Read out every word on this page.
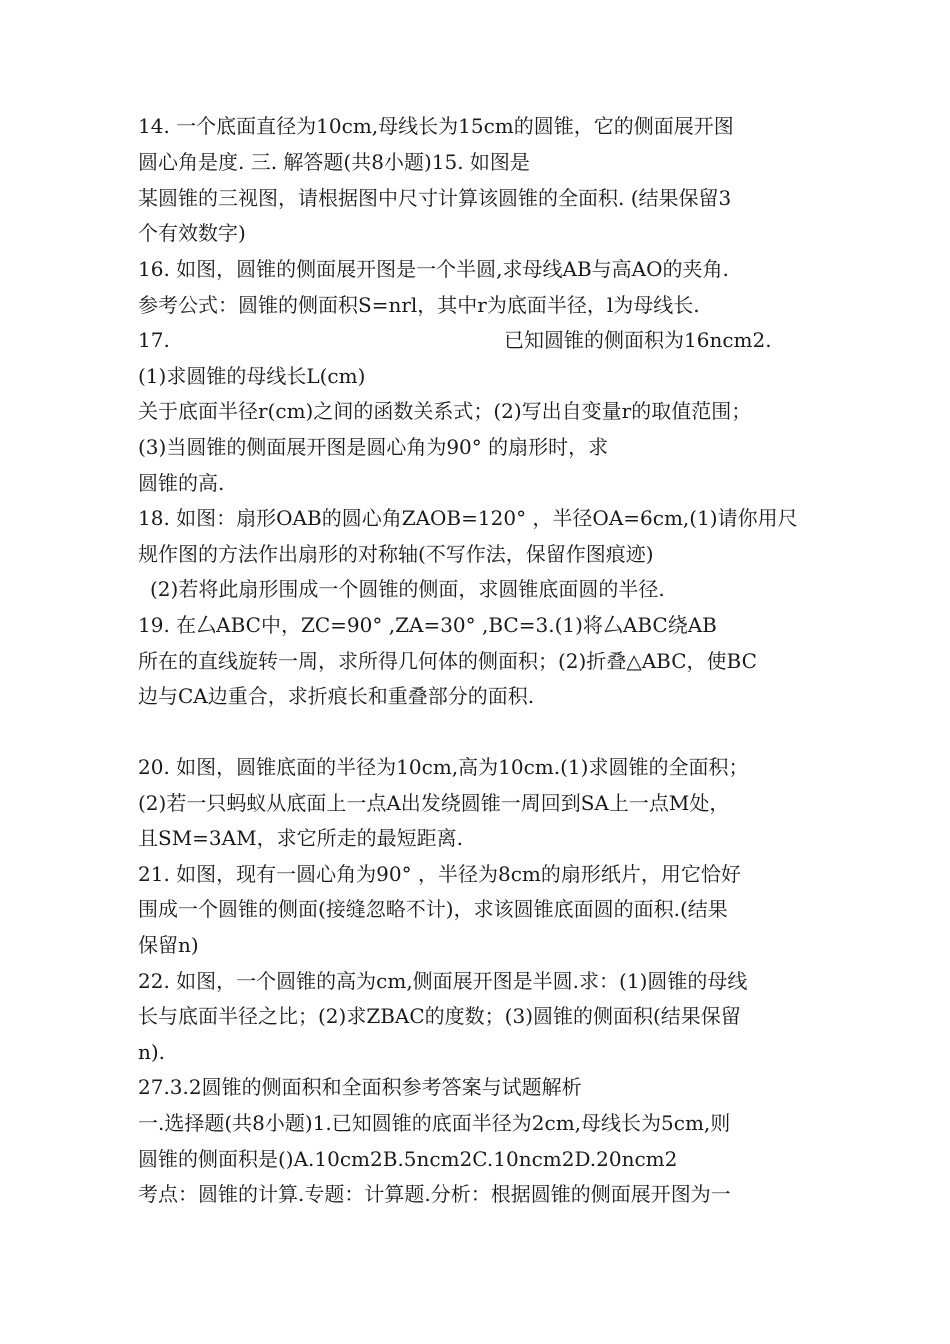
14. 一个底面直径为10cm,母线长为15cm的圆锥，它的侧面展开图
圆心角是度. 三. 解答题(共8小题)15. 如图是
某圆锥的三视图，请根据图中尺寸计算该圆锥的全面积. (结果保留3
个有效数字)
16. 如图，圆锥的侧面展开图是一个半圆,求母线AB与高AO的夹角.
参考公式：圆锥的侧面积S=nrl，其中r为底面半径，l为母线长.
17.	已知圆锥的侧面积为16ncm2.
(1)求圆锥的母线长L(cm)
关于底面半径r(cm)之间的函数关系式；(2)写出自变量r的取值范围；
(3)当圆锥的侧面展开图是圆心角为90° 的扇形时，求
圆锥的高.
18. 如图：扇形OAB的圆心角ZAOB=120° ，半径OA=6cm,(1)请你用尺
规作图的方法作出扇形的对称轴(不写作法，保留作图痕迹)
(2)若将此扇形围成一个圆锥的侧面，求圆锥底面圆的半径.
19. 在厶ABC中，ZC=90° ,ZA=30° ,BC=3.(1)将厶ABC绕AB
所在的直线旋转一周，求所得几何体的侧面积；(2)折叠△ABC，使BC
边与CA边重合，求折痕长和重叠部分的面积.
20. 如图，圆锥底面的半径为10cm,高为10cm.(1)求圆锥的全面积；
(2)若一只蚂蚁从底面上一点A出发绕圆锥一周回到SA上一点M处，
且SM=3AM，求它所走的最短距离.
21. 如图，现有一圆心角为90° ，半径为8cm的扇形纸片，用它恰好
围成一个圆锥的侧面(接缝忽略不计)，求该圆锥底面圆的面积.(结果
保留n)
22. 如图，一个圆锥的高为cm,侧面展开图是半圆.求：(1)圆锥的母线
长与底面半径之比；(2)求ZBAC的度数；(3)圆锥的侧面积(结果保留
n).
27.3.2圆锥的侧面积和全面积参考答案与试题解析
一.选择题(共8小题)1.已知圆锥的底面半径为2cm,母线长为5cm,则
圆锥的侧面积是()A.10cm2B.5ncm2C.10ncm2D.20ncm2
考点：圆锥的计算.专题：计算题.分析：根据圆锥的侧面展开图为一
